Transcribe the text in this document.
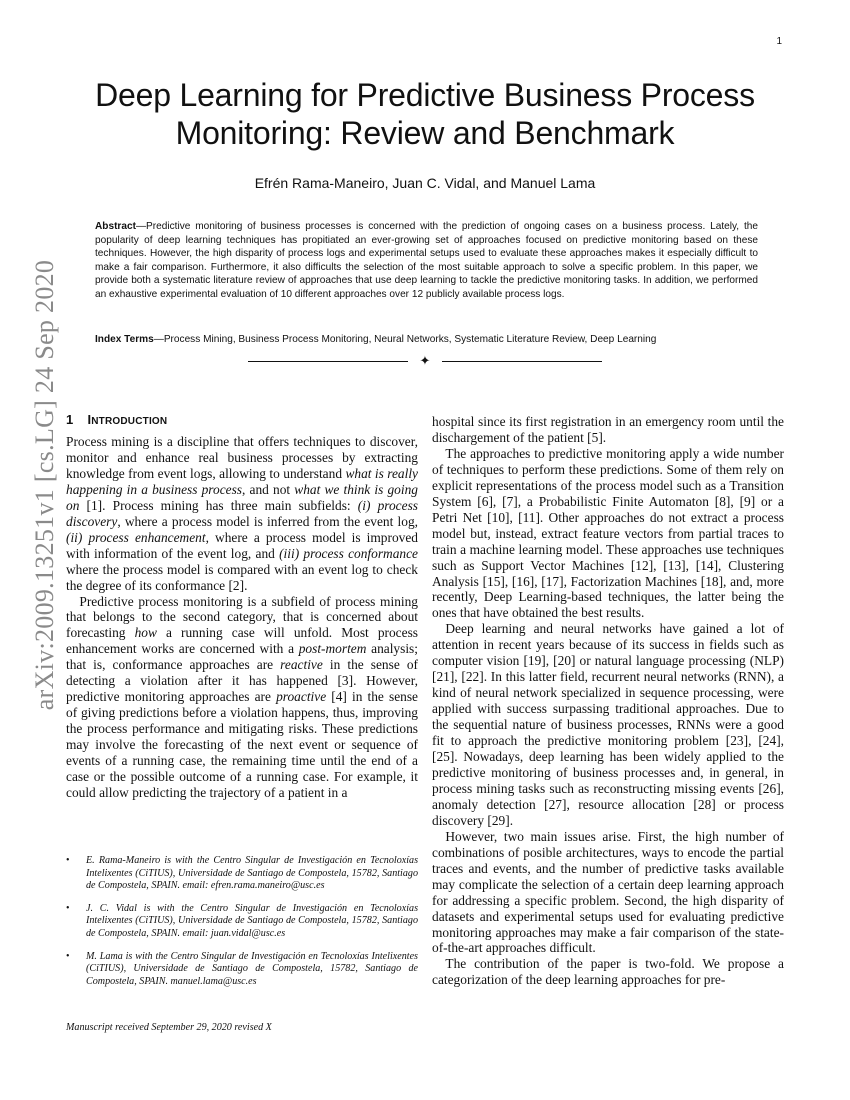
1
arXiv:2009.13251v1 [cs.LG] 24 Sep 2020
Deep Learning for Predictive Business Process
Monitoring: Review and Benchmark
Efrén Rama-Maneiro, Juan C. Vidal, and Manuel Lama
Abstract—Predictive monitoring of business processes is concerned with the prediction of ongoing cases on a business process. Lately, the popularity of deep learning techniques has propitiated an ever-growing set of approaches focused on predictive monitoring based on these techniques. However, the high disparity of process logs and experimental setups used to evaluate these approaches makes it especially difficult to make a fair comparison. Furthermore, it also difficults the selection of the most suitable approach to solve a specific problem. In this paper, we provide both a systematic literature review of approaches that use deep learning to tackle the predictive monitoring tasks. In addition, we performed an exhaustive experimental evaluation of 10 different approaches over 12 publicly available process logs.
Index Terms—Process Mining, Business Process Monitoring, Neural Networks, Systematic Literature Review, Deep Learning
✦
1 INTRODUCTION

Process mining is a discipline that offers techniques to discover, monitor and enhance real business processes by extracting knowledge from event logs, allowing to understand what is really happening in a business process, and not what we think is going on [1]. Process mining has three main subfields: (i) process discovery, where a process model is inferred from the event log, (ii) process enhancement, where a process model is improved with information of the event log, and (iii) process conformance where the process model is compared with an event log to check the degree of its conformance [2].

Predictive process monitoring is a subfield of process mining that belongs to the second category, that is concerned about forecasting how a running case will unfold. Most process enhancement works are concerned with a post-mortem analysis; that is, conformance approaches are reactive in the sense of detecting a violation after it has happened [3]. However, predictive monitoring approaches are proactive [4] in the sense of giving predictions before a violation happens, thus, improving the process performance and mitigating risks. These predictions may involve the forecasting of the next event or sequence of events of a running case, the remaining time until the end of a case or the possible outcome of a running case. For example, it could allow predicting the trajectory of a patient in a

hospital since its first registration in an emergency room until the dischargement of the patient [5].

The approaches to predictive monitoring apply a wide number of techniques to perform these predictions. Some of them rely on explicit representations of the process model such as a Transition System [6], [7], a Probabilistic Finite Automaton [8], [9] or a Petri Net [10], [11]. Other approaches do not extract a process model but, instead, extract feature vectors from partial traces to train a machine learning model. These approaches use techniques such as Support Vector Machines [12], [13], [14], Clustering Analysis [15], [16], [17], Factorization Machines [18], and, more recently, Deep Learning-based techniques, the latter being the ones that have obtained the best results.

Deep learning and neural networks have gained a lot of attention in recent years because of its success in fields such as computer vision [19], [20] or natural language processing (NLP) [21], [22]. In this latter field, recurrent neural networks (RNN), a kind of neural network specialized in sequence processing, were applied with success surpassing traditional approaches. Due to the sequential nature of business processes, RNNs were a good fit to approach the predictive monitoring problem [23], [24], [25]. Nowadays, deep learning has been widely applied to the predictive monitoring of business processes and, in general, in process mining tasks such as reconstructing missing events [26], anomaly detection [27], resource allocation [28] or process discovery [29].

However, two main issues arise. First, the high number of combinations of posible architectures, ways to encode the partial traces and events, and the number of predictive tasks available may complicate the selection of a certain deep learning approach for addressing a specific problem. Second, the high disparity of datasets and experimental setups used for evaluating predictive monitoring approaches may make a fair comparison of the state-of-the-art approaches difficult.

The contribution of the paper is two-fold. We propose a categorization of the deep learning approaches for pre-

• E. Rama-Maneiro is with the Centro Singular de Investigación en Tecnoloxías Intelixentes (CiTIUS), Universidade de Santiago de Compostela, 15782, Santiago de Compostela, SPAIN. email: efren.rama.maneiro@usc.es
• J. C. Vidal is with the Centro Singular de Investigación en Tecnoloxías Intelixentes (CiTIUS), Universidade de Santiago de Compostela, 15782, Santiago de Compostela, SPAIN. email: juan.vidal@usc.es
• M. Lama is with the Centro Singular de Investigación en Tecnoloxías Intelixentes (CiTIUS), Universidade de Santiago de Compostela, 15782, Santiago de Compostela, SPAIN. manuel.lama@usc.es
Manuscript received September 29, 2020 revised X
